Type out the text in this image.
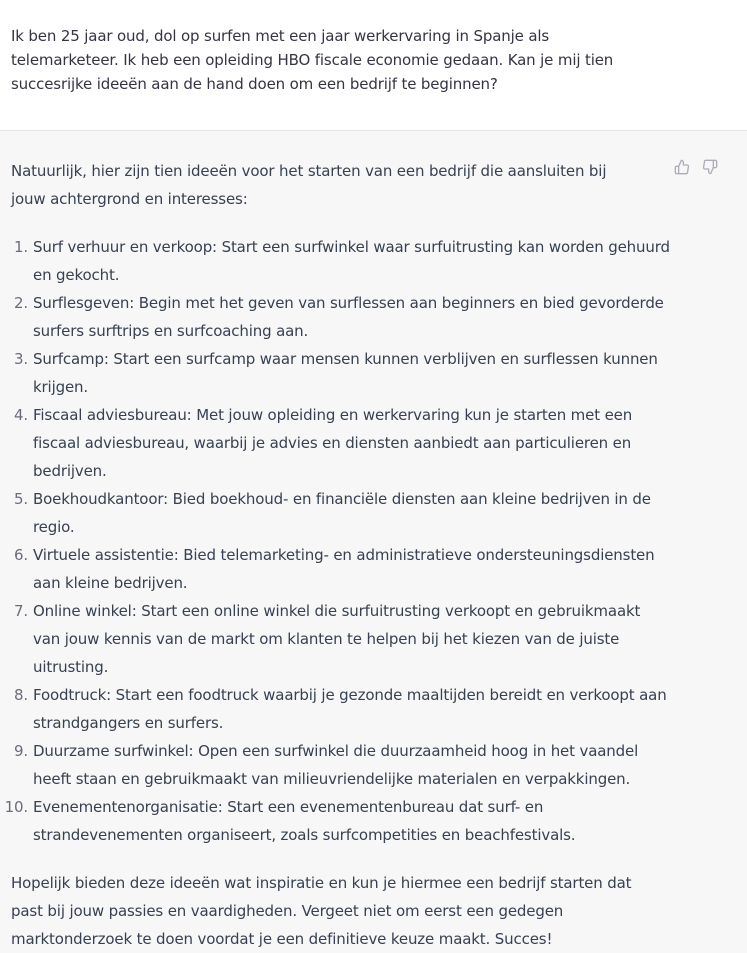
Ik ben 25 jaar oud, dol op surfen met een jaar werkervaring in Spanje als telemarketeer. Ik heb een opleiding HBO fiscale economie gedaan. Kan je mij tien succesrijke ideeën aan de hand doen om een bedrijf te beginnen?

Natuurlijk, hier zijn tien ideeën voor het starten van een bedrijf die aansluiten bij jouw achtergrond en interesses:

1. Surf verhuur en verkoop: Start een surfwinkel waar surfuitrusting kan worden gehuurd en gekocht.
2. Surflesgeven: Begin met het geven van surflessen aan beginners en bied gevorderde surfers surftrips en surfcoaching aan.
3. Surfcamp: Start een surfcamp waar mensen kunnen verblijven en surflessen kunnen krijgen.
4. Fiscaal adviesbureau: Met jouw opleiding en werkervaring kun je starten met een fiscaal adviesbureau, waarbij je advies en diensten aanbiedt aan particulieren en bedrijven.
5. Boekhoudkantoor: Bied boekhoud- en financiële diensten aan kleine bedrijven in de regio.
6. Virtuele assistentie: Bied telemarketing- en administratieve ondersteuningsdiensten aan kleine bedrijven.
7. Online winkel: Start een online winkel die surfuitrusting verkoopt en gebruikmaakt van jouw kennis van de markt om klanten te helpen bij het kiezen van de juiste uitrusting.
8. Foodtruck: Start een foodtruck waarbij je gezonde maaltijden bereidt en verkoopt aan strandgangers en surfers.
9. Duurzame surfwinkel: Open een surfwinkel die duurzaamheid hoog in het vaandel heeft staan en gebruikmaakt van milieuvriendelijke materialen en verpakkingen.
10. Evenementenorganisatie: Start een evenementenbureau dat surf- en strandevenementen organiseert, zoals surfcompetities en beachfestivals.

Hopelijk bieden deze ideeën wat inspiratie en kun je hiermee een bedrijf starten dat past bij jouw passies en vaardigheden. Vergeet niet om eerst een gedegen marktonderzoek te doen voordat je een definitieve keuze maakt. Succes!
